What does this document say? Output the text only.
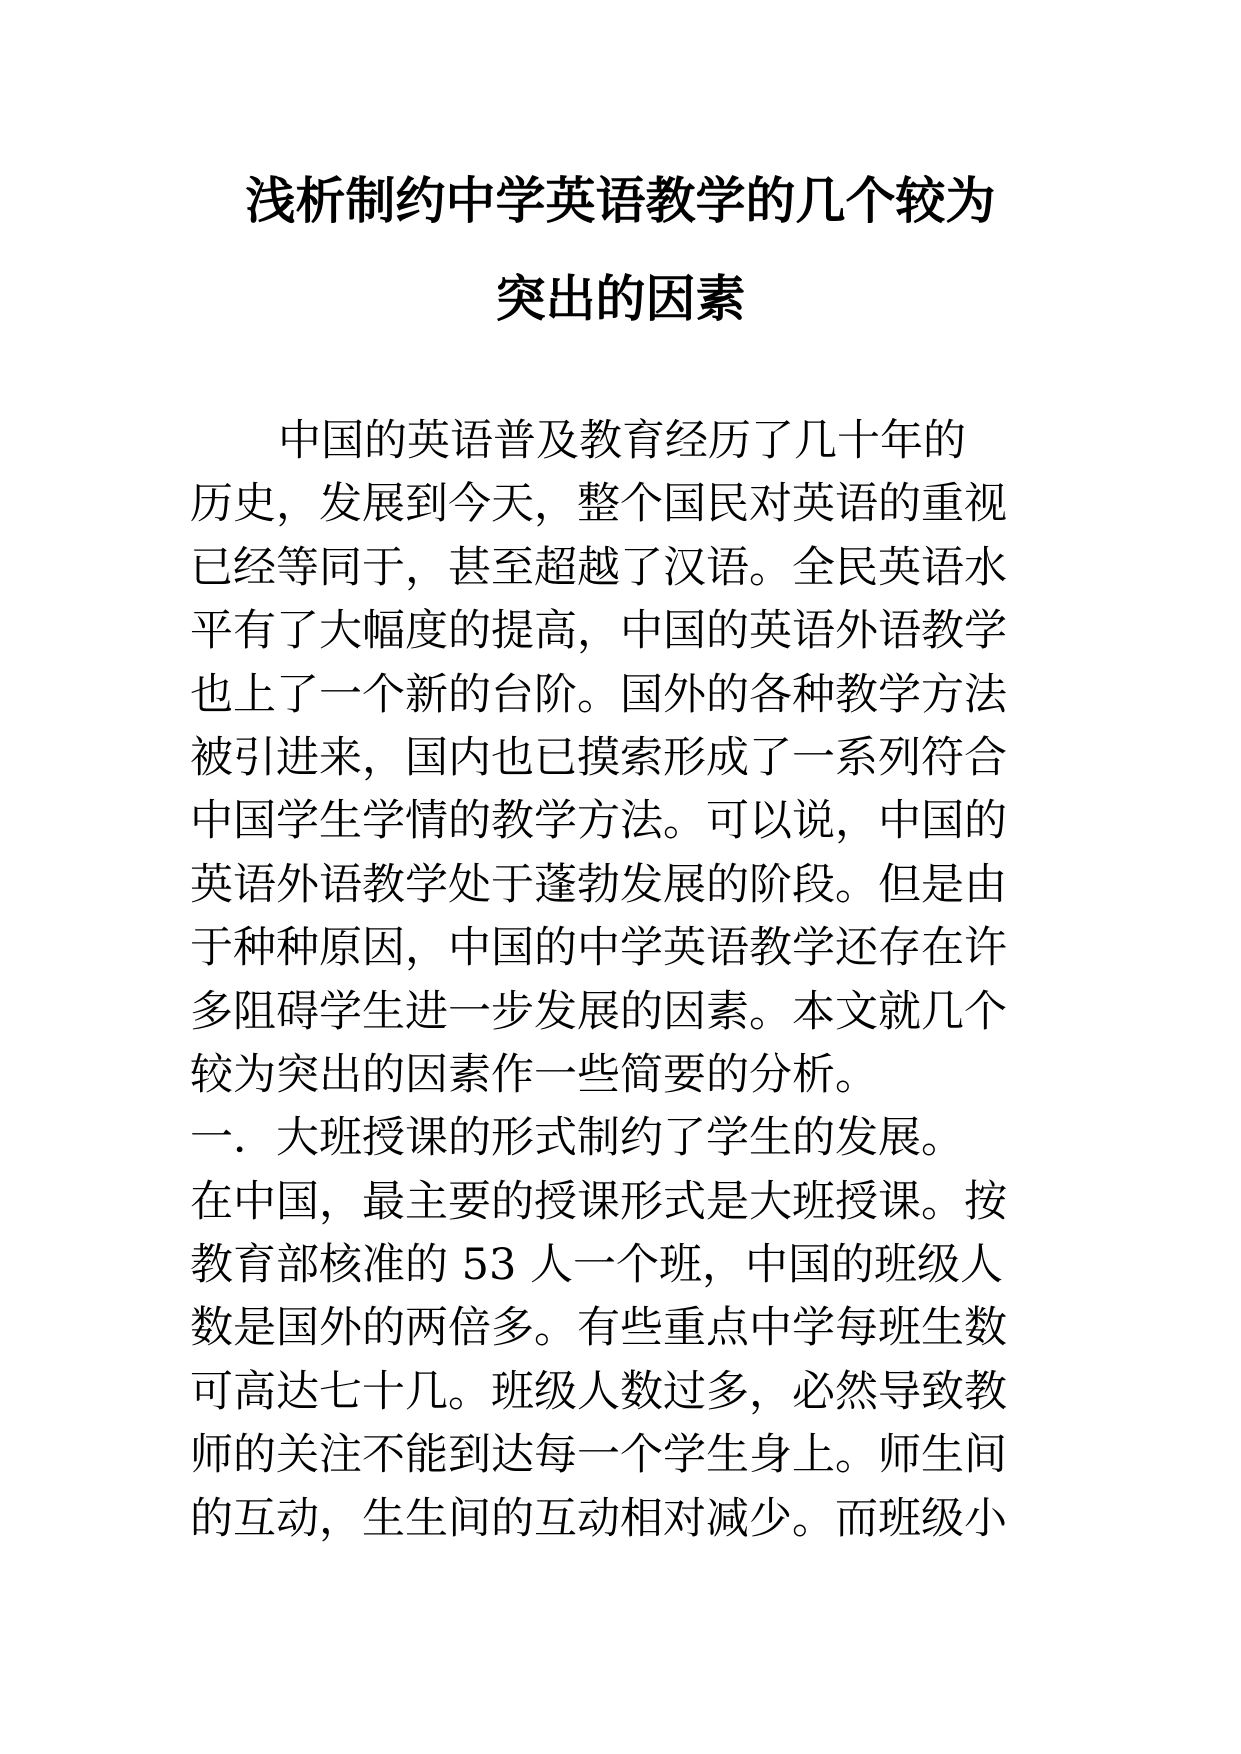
浅析制约中学英语教学的几个较为
突出的因素
中国的英语普及教育经历了几十年的
历史，发展到今天，整个国民对英语的重视
已经等同于，甚至超越了汉语。全民英语水
平有了大幅度的提高，中国的英语外语教学
也上了一个新的台阶。国外的各种教学方法
被引进来，国内也已摸索形成了一系列符合
中国学生学情的教学方法。可以说，中国的
英语外语教学处于蓬勃发展的阶段。但是由
于种种原因，中国的中学英语教学还存在许
多阻碍学生进一步发展的因素。本文就几个
较为突出的因素作一些简要的分析。
一．大班授课的形式制约了学生的发展。
在中国，最主要的授课形式是大班授课。按
教育部核准的 53 人一个班，中国的班级人
数是国外的两倍多。有些重点中学每班生数
可高达七十几。班级人数过多，必然导致教
师的关注不能到达每一个学生身上。师生间
的互动，生生间的互动相对减少。而班级小
